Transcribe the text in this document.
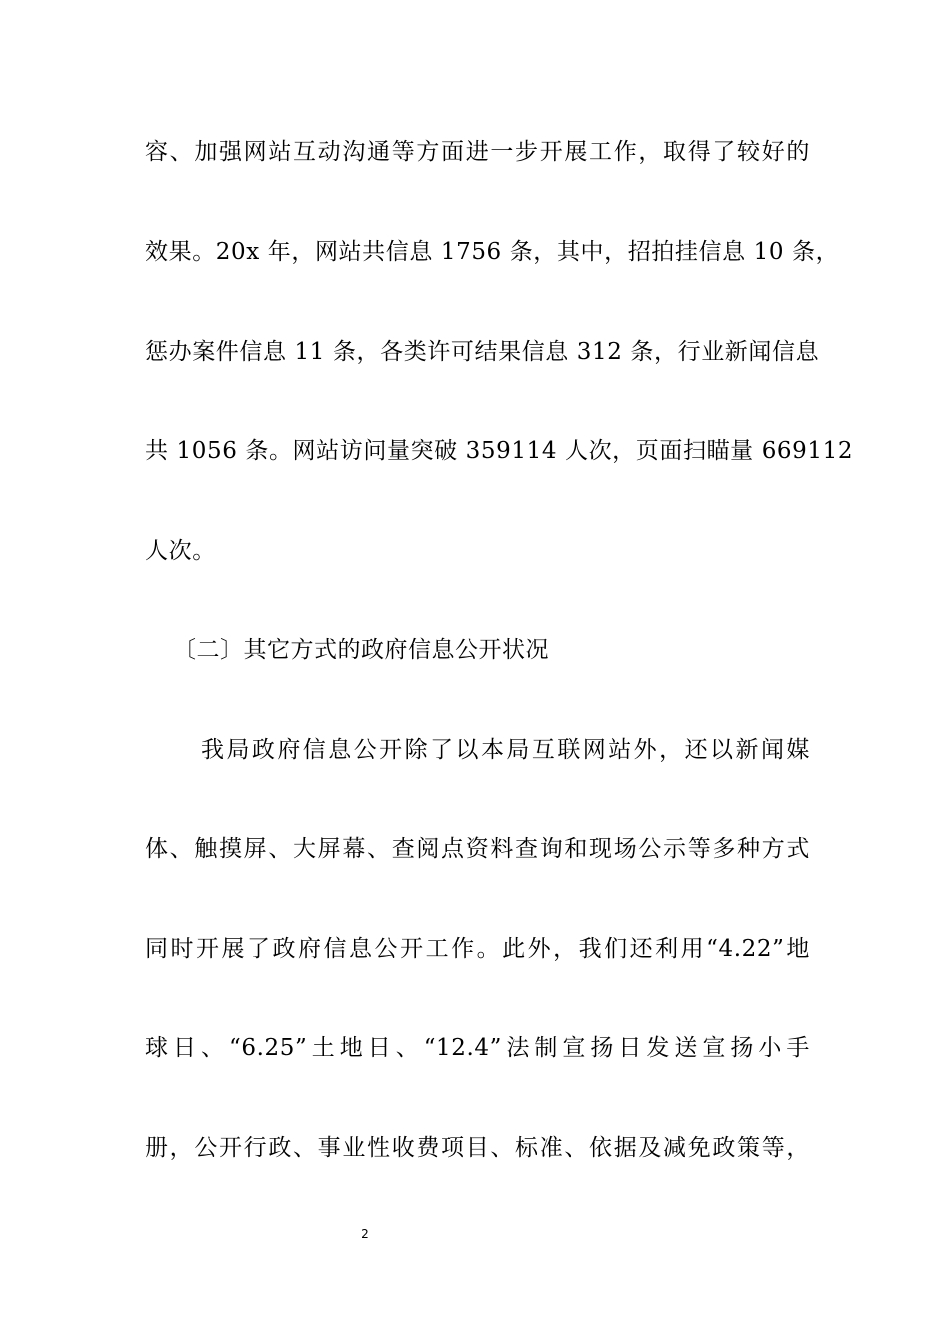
容、加强网站互动沟通等方面进一步开展工作，取得了较好的
效果。20x 年，网站共信息 1756 条，其中，招拍挂信息 10 条，
惩办案件信息 11 条，各类许可结果信息 312 条，行业新闻信息
共 1056 条。网站访问量突破 359114 人次，页面扫瞄量 669112
人次。
〔二〕其它方式的政府信息公开状况
我局政府信息公开除了以本局互联网站外，还以新闻媒
体、触摸屏、大屏幕、查阅点资料查询和现场公示等多种方式
同时开展了政府信息公开工作。此外，我们还利用“4.22”地
球日、“6.25”土地日、“12.4”法制宣扬日发送宣扬小手
册，公开行政、事业性收费项目、标准、依据及减免政策等，
2
